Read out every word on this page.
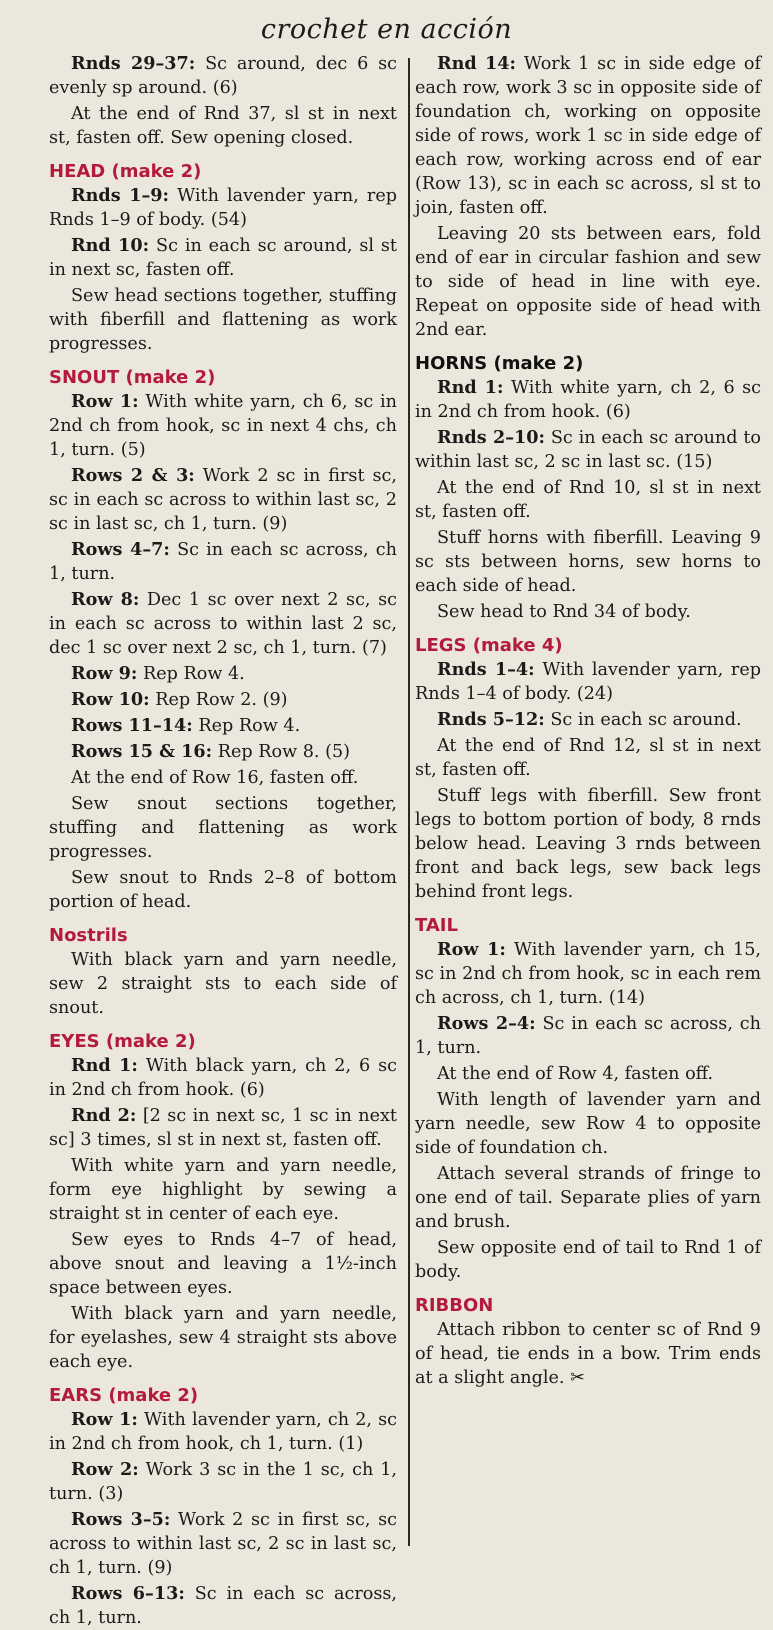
crochet en acción

Rnds 29–37: Sc around, dec 6 sc evenly sp around. (6)

At the end of Rnd 37, sl st in next st, fasten off. Sew opening closed.

HEAD (make 2)

Rnds 1–9: With lavender yarn, rep Rnds 1–9 of body. (54)

Rnd 10: Sc in each sc around, sl st in next sc, fasten off.

Sew head sections together, stuffing with fiberfill and flattening as work progresses.

SNOUT (make 2)

Row 1: With white yarn, ch 6, sc in 2nd ch from hook, sc in next 4 chs, ch 1, turn. (5)

Rows 2 & 3: Work 2 sc in first sc, sc in each sc across to within last sc, 2 sc in last sc, ch 1, turn. (9)

Rows 4–7: Sc in each sc across, ch 1, turn.

Row 8: Dec 1 sc over next 2 sc, sc in each sc across to within last 2 sc, dec 1 sc over next 2 sc, ch 1, turn. (7)

Row 9: Rep Row 4.

Row 10: Rep Row 2. (9)

Rows 11–14: Rep Row 4.

Rows 15 & 16: Rep Row 8. (5)

At the end of Row 16, fasten off.

Sew snout sections together, stuffing and flattening as work progresses.

Sew snout to Rnds 2–8 of bottom portion of head.

Nostrils

With black yarn and yarn needle, sew 2 straight sts to each side of snout.

EYES (make 2)

Rnd 1: With black yarn, ch 2, 6 sc in 2nd ch from hook. (6)

Rnd 2: [2 sc in next sc, 1 sc in next sc] 3 times, sl st in next st, fasten off.

With white yarn and yarn needle, form eye highlight by sewing a straight st in center of each eye.

Sew eyes to Rnds 4–7 of head, above snout and leaving a 1½-inch space between eyes.

With black yarn and yarn needle, for eyelashes, sew 4 straight sts above each eye.

EARS (make 2)

Row 1: With lavender yarn, ch 2, sc in 2nd ch from hook, ch 1, turn. (1)

Row 2: Work 3 sc in the 1 sc, ch 1, turn. (3)

Rows 3–5: Work 2 sc in first sc, sc across to within last sc, 2 sc in last sc, ch 1, turn. (9)

Rows 6–13: Sc in each sc across, ch 1, turn.

Rnd 14: Work 1 sc in side edge of each row, work 3 sc in opposite side of foundation ch, working on opposite side of rows, work 1 sc in side edge of each row, working across end of ear (Row 13), sc in each sc across, sl st to join, fasten off.

Leaving 20 sts between ears, fold end of ear in circular fashion and sew to side of head in line with eye. Repeat on opposite side of head with 2nd ear.

HORNS (make 2)

Rnd 1: With white yarn, ch 2, 6 sc in 2nd ch from hook. (6)

Rnds 2–10: Sc in each sc around to within last sc, 2 sc in last sc. (15)

At the end of Rnd 10, sl st in next st, fasten off.

Stuff horns with fiberfill. Leaving 9 sc sts between horns, sew horns to each side of head.

Sew head to Rnd 34 of body.

LEGS (make 4)

Rnds 1–4: With lavender yarn, rep Rnds 1–4 of body. (24)

Rnds 5–12: Sc in each sc around.

At the end of Rnd 12, sl st in next st, fasten off.

Stuff legs with fiberfill. Sew front legs to bottom portion of body, 8 rnds below head. Leaving 3 rnds between front and back legs, sew back legs behind front legs.

TAIL

Row 1: With lavender yarn, ch 15, sc in 2nd ch from hook, sc in each rem ch across, ch 1, turn. (14)

Rows 2–4: Sc in each sc across, ch 1, turn.

At the end of Row 4, fasten off.

With length of lavender yarn and yarn needle, sew Row 4 to opposite side of foundation ch.

Attach several strands of fringe to one end of tail. Separate plies of yarn and brush.

Sew opposite end of tail to Rnd 1 of body.

RIBBON

Attach ribbon to center sc of Rnd 9 of head, tie ends in a bow. Trim ends at a slight angle. ✂
